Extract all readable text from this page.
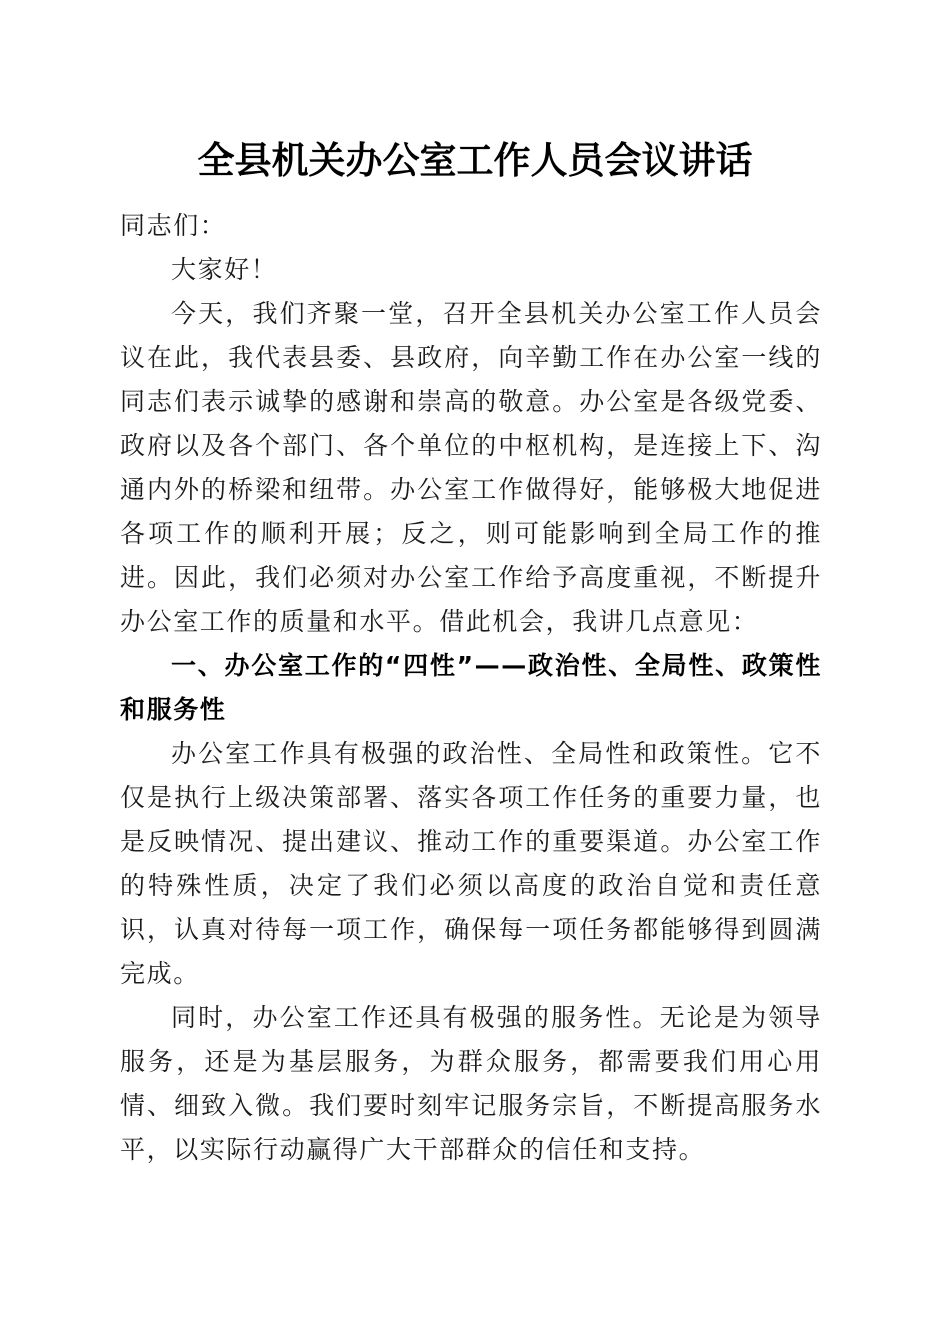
全县机关办公室工作人员会议讲话

同志们：

大家好！

今天，我们齐聚一堂，召开全县机关办公室工作人员会议在此，我代表县委、县政府，向辛勤工作在办公室一线的同志们表示诚挚的感谢和崇高的敬意。办公室是各级党委、政府以及各个部门、各个单位的中枢机构，是连接上下、沟通内外的桥梁和纽带。办公室工作做得好，能够极大地促进各项工作的顺利开展；反之，则可能影响到全局工作的推进。因此，我们必须对办公室工作给予高度重视，不断提升办公室工作的质量和水平。借此机会，我讲几点意见：

一、办公室工作的“四性”——政治性、全局性、政策性和服务性

办公室工作具有极强的政治性、全局性和政策性。它不仅是执行上级决策部署、落实各项工作任务的重要力量，也是反映情况、提出建议、推动工作的重要渠道。办公室工作的特殊性质，决定了我们必须以高度的政治自觉和责任意识，认真对待每一项工作，确保每一项任务都能够得到圆满完成。

同时，办公室工作还具有极强的服务性。无论是为领导服务，还是为基层服务，为群众服务，都需要我们用心用情、细致入微。我们要时刻牢记服务宗旨，不断提高服务水平，以实际行动赢得广大干部群众的信任和支持。
